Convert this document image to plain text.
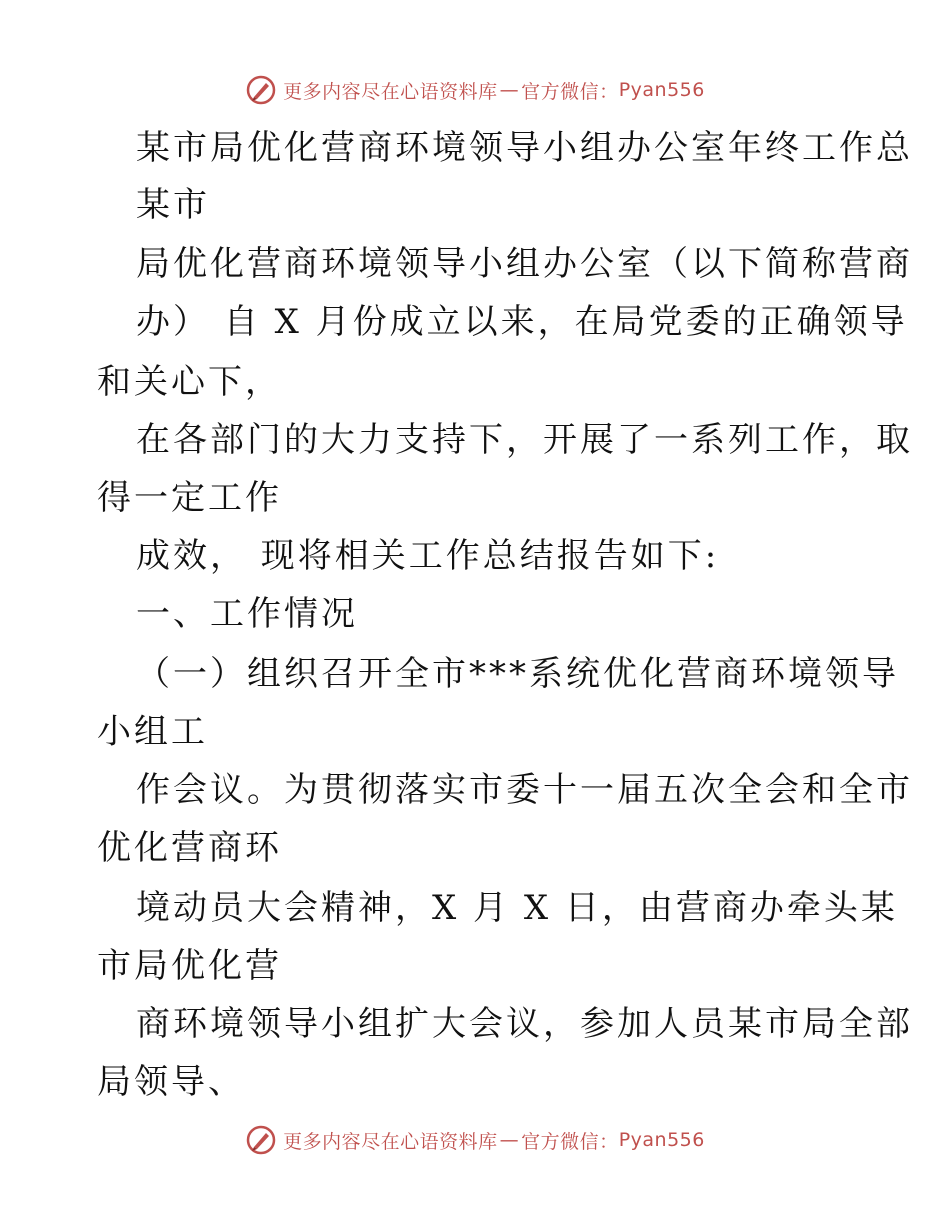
更多内容尽在心语资料库 — 官方微信： Pyan556
某市局优化营商环境领导小组办公室年终工作总
某市
局优化营商环境领导小组办公室（以下简称营商
办） 自 X 月份成立以来，在局党委的正确领导
和关心下，
在各部门的大力支持下，开展了一系列工作，取
得一定工作
成效， 现将相关工作总结报告如下:
一、工作情况
（一）组织召开全市***系统优化营商环境领导
小组工
作会议。为贯彻落实市委十一届五次全会和全市
优化营商环
境动员大会精神，X 月 X 日，由营商办牵头某
市局优化营
商环境领导小组扩大会议，参加人员某市局全部
局领导、
更多内容尽在心语资料库 — 官方微信： Pyan556
